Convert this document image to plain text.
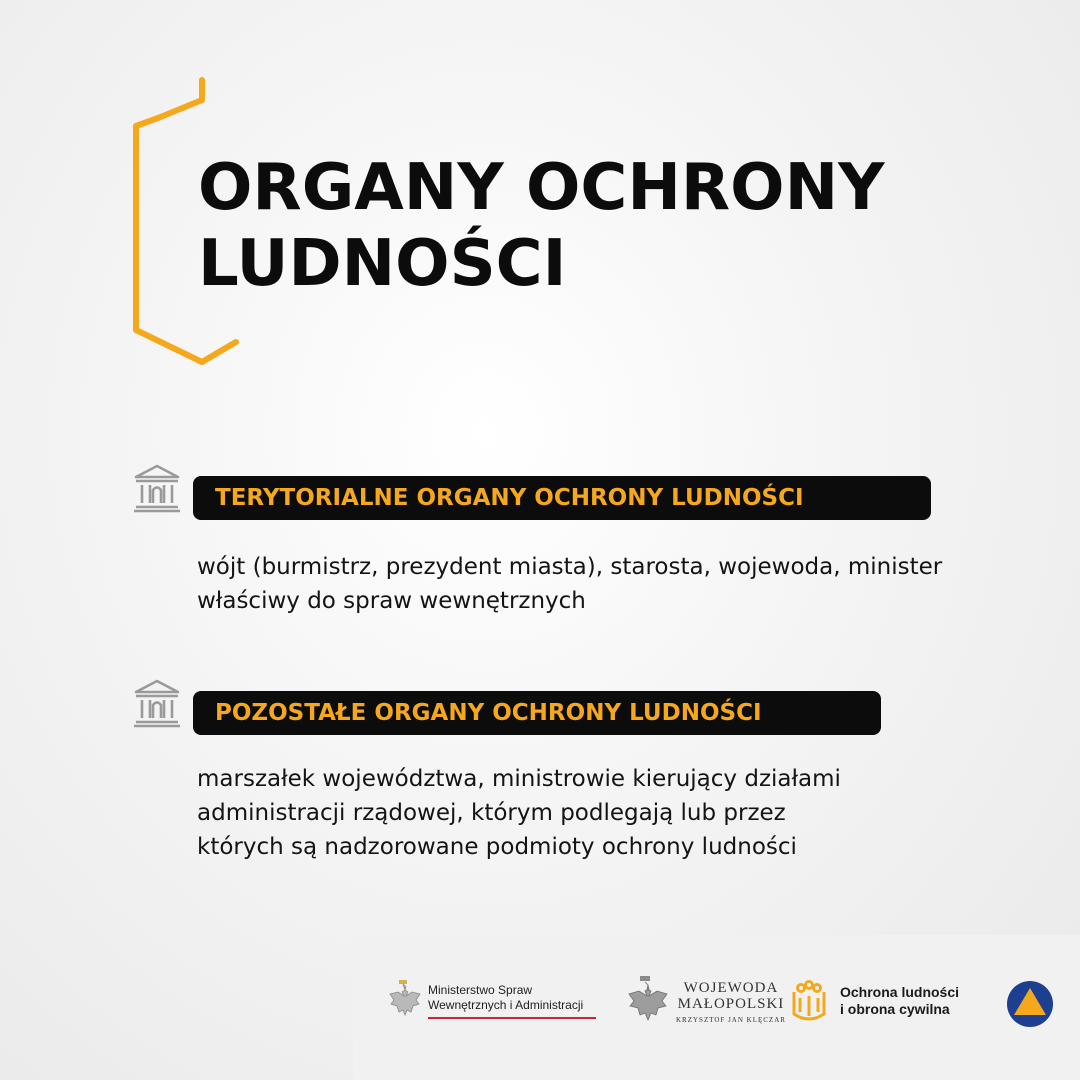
ORGANY OCHRONY
LUDNOŚCI
TERYTORIALNE ORGANY OCHRONY LUDNOŚCI

wójt (burmistrz, prezydent miasta), starosta, wojewoda, minister właściwy do spraw wewnętrznych

POZOSTAŁE ORGANY OCHRONY LUDNOŚCI

marszałek województwa, ministrowie kierujący działami administracji rządowej, którym podlegają lub przez których są nadzorowane podmioty ochrony ludności

Ministerstwo Spraw
Wewnętrznych i Administracji
WOJEWODA
MAŁOPOLSKI
KRZYSZTOF JAN KLĘCZAR
Ochrona ludności
i obrona cywilna
